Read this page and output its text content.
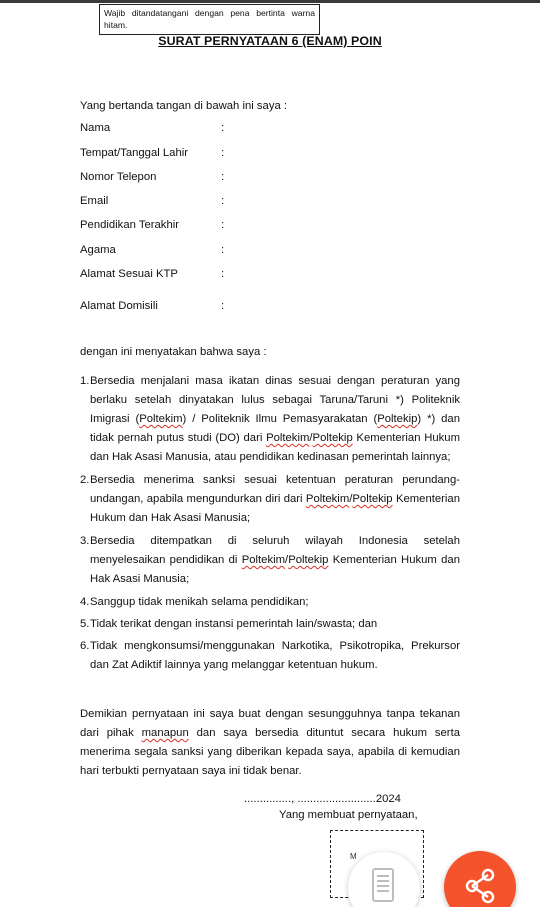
Wajib ditandatangani dengan pena bertinta warna hitam.
SURAT PERNYATAAN 6 (ENAM) POIN
Yang bertanda tangan di bawah ini saya :
Nama	:
Tempat/Tanggal Lahir	:
Nomor Telepon	:
Email	:
Pendidikan Terakhir	:
Agama	:
Alamat Sesuai KTP	:
Alamat Domisili	:
dengan ini menyatakan bahwa saya :
1. Bersedia menjalani masa ikatan dinas sesuai dengan peraturan yang berlaku setelah dinyatakan lulus sebagai Taruna/Taruni *) Politeknik Imigrasi (Poltekim) / Politeknik Ilmu Pemasyarakatan (Poltekip) *) dan tidak pernah putus studi (DO) dari Poltekim/Poltekip Kementerian Hukum dan Hak Asasi Manusia, atau pendidikan kedinasan pemerintah lainnya;
2. Bersedia menerima sanksi sesuai ketentuan peraturan perundang-undangan, apabila mengundurkan diri dari Poltekim/Poltekip Kementerian Hukum dan Hak Asasi Manusia;
3. Bersedia ditempatkan di seluruh wilayah Indonesia setelah menyelesaikan pendidikan di Poltekim/Poltekip Kementerian Hukum dan Hak Asasi Manusia;
4. Sanggup tidak menikah selama pendidikan;
5. Tidak terikat dengan instansi pemerintah lain/swasta; dan
6. Tidak mengkonsumsi/menggunakan Narkotika, Psikotropika, Prekursor dan Zat Adiktif lainnya yang melanggar ketentuan hukum.
Demikian pernyataan ini saya buat dengan sesungguhnya tanpa tekanan dari pihak manapun dan saya bersedia dituntut secara hukum serta menerima segala sanksi yang diberikan kepada saya, apabila di kemudian hari terbukti pernyataan saya ini tidak benar.
..............., .........................2024
Yang membuat pernyataan,
M
